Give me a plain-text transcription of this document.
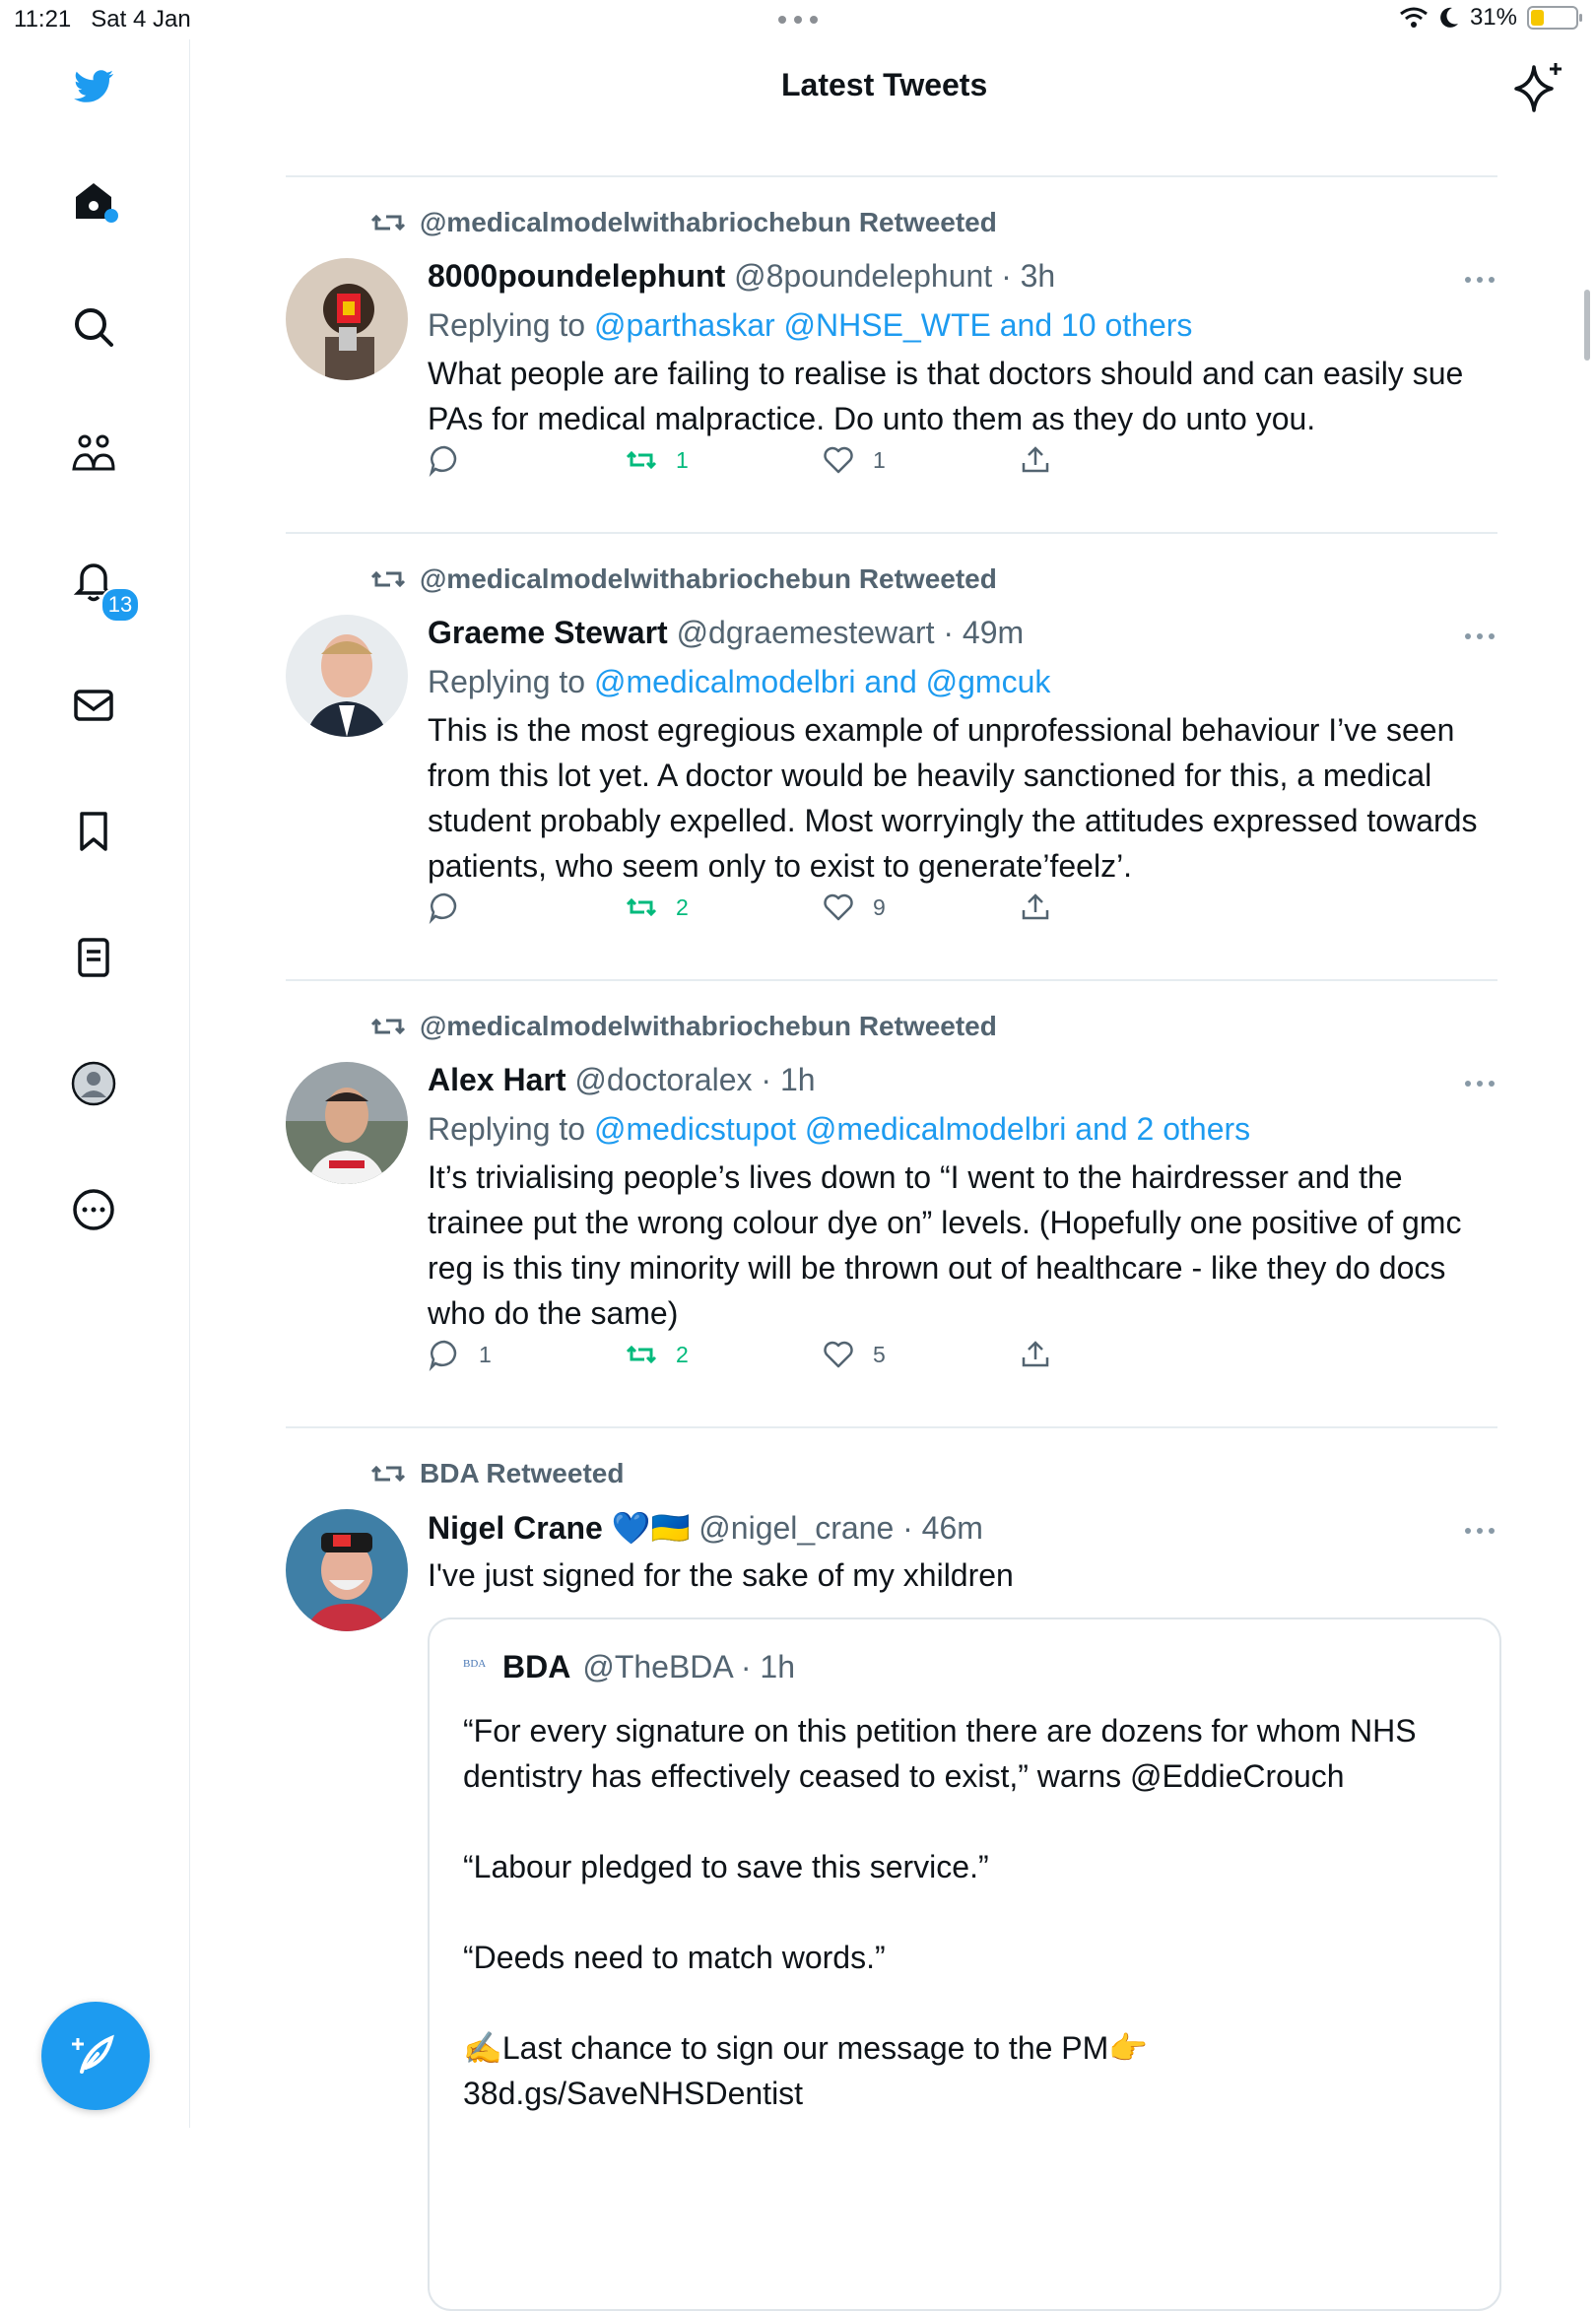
11:21 Sat 4 Jan	31%
13
Latest Tweets
@medicalmodelwithabriochebun Retweeted
8000poundelephunt @8poundelephunt · 3h
Replying to @parthaskar @NHSE_WTE and 10 others
What people are failing to realise is that doctors should and can easily sue PAs for medical malpractice. Do unto them as they do unto you.
1	1
@medicalmodelwithabriochebun Retweeted
Graeme Stewart @dgraemestewart · 49m
Replying to @medicalmodelbri and @gmcuk
This is the most egregious example of unprofessional behaviour I’ve seen from this lot yet. A doctor would be heavily sanctioned for this, a medical student probably expelled. Most worryingly the attitudes expressed towards patients, who seem only to exist to generate’feelz’.
2	9
@medicalmodelwithabriochebun Retweeted
Alex Hart @doctoralex · 1h
Replying to @medicstupot @medicalmodelbri and 2 others
It’s trivialising people’s lives down to “I went to the hairdresser and the trainee put the wrong colour dye on” levels. (Hopefully one positive of gmc reg is this tiny minority will be thrown out of healthcare - like they do docs who do the same)
1	2	5
BDA Retweeted
Nigel Crane 💙🇺🇦 @nigel_crane · 46m
I've just signed for the sake of my xhildren
BDA BDA @TheBDA · 1h
“For every signature on this petition there are dozens for whom NHS dentistry has effectively ceased to exist,” warns @EddieCrouch

“Labour pledged to save this service.”

“Deeds need to match words.”

✍️Last chance to sign our message to the PM👉 38d.gs/SaveNHSDentist
